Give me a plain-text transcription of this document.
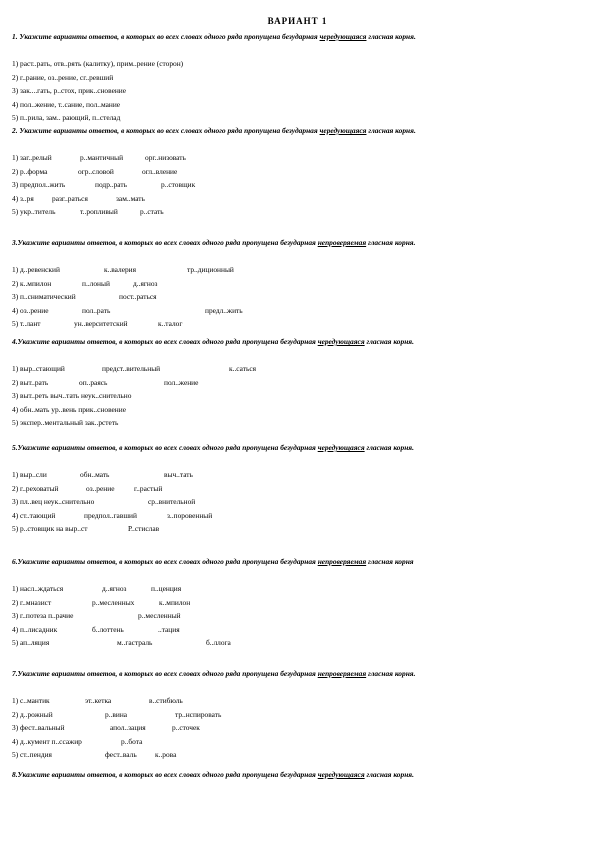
ВАРИАНТ 1
1. Укажите варианты ответов, в которых во всех словах одного ряда пропущена безударная чередующаяся гласная корня.
1) раст..рать, отв..рять (калитку), прим..рение (сторон)
2) г..рание, оз..рение, сг..ревший
3) зак....гать, р..стох, прик..сновение
4) пол..жение, т..сание, пол..мание
5) п..рила, зам.. рающий, п..стелад
2. Укажите варианты ответов, в которых во всех словах одного ряда пропущена безударная чередующаяся гласная корня.
1) заг..релый	р..мантичный	орг..низовать
2) р..форма	огр..словой	огл..вление
3) предпол..жить	подр..рать	р..стовщик
4) з..ря разг..раться	зам..мать
5) укр..титель	т..ропливый	р..стать
3.Укажите варианты ответов, в которых во всех словах одного ряда пропущена безударная непроверяемая гласная корня.
1) д..ревенский	к..валерия	тр..диционный
2) к..мпилон	п..лоный	д..ягноз
3) п..сниматический	пост..раться
4) оз..рение	пол..рать	предл..жить
5) т..лант	ун..верситетский	к..талог
4.Укажите варианты ответов, в которых во всех словах одного ряда пропущена безударная чередующаяся гласная корня.
1) выр..стающий	предст..вительный	к..саться
2) выт..рать	оп..раясь	пол..жение
3) выт..реть выч..тать неук..снительно
4) обн..мать ур..вень прик..сновение
5) экспер..ментальный зак..рстеть
5.Укажите варианты ответов, в которых во всех словах одного ряда пропущена безударная чередующаяся гласная корня.
1) выр..сли	обн..мать	выч..тать
2) г..реховатый	оз..рение	г..растый
3) пл..вец неук..снительно	ср..внительной
4) ст..тающий	предпол..гавший	з..поровенный
5) р..стовщик на выр..ст	Р..стислав
6.Укажите варианты ответов, в которых во всех словах одного ряда пропущена безударная непроверяемая гласная корня
1) насл..ждаться	д..ягноз	п..ценция
2) г..мназист	р..месленных	к..мпилон
3) г..потеза п..рачие	р..месленный
4) п..лисадник	б..лоттень	..тация
5) ап..ляция	м..гастраль	б..ллога
7.Укажите варианты ответов, в которых во всех словах одного ряда пропущена безударная непроверяемая гласная корня.
1) с..мантик	эт..кетка	в..стибюль
2) д..рожный	р..вина	тр..нспировать
3) фест..вальный	апол..зация	р..сточек
4) д..кумент п..ссажир	р..бота
5) ст..пендия	фест..валь к..рова
8.Укажите варианты ответов, в которых во всех словах одного ряда пропущена безударная чередующаяся гласная корня.
